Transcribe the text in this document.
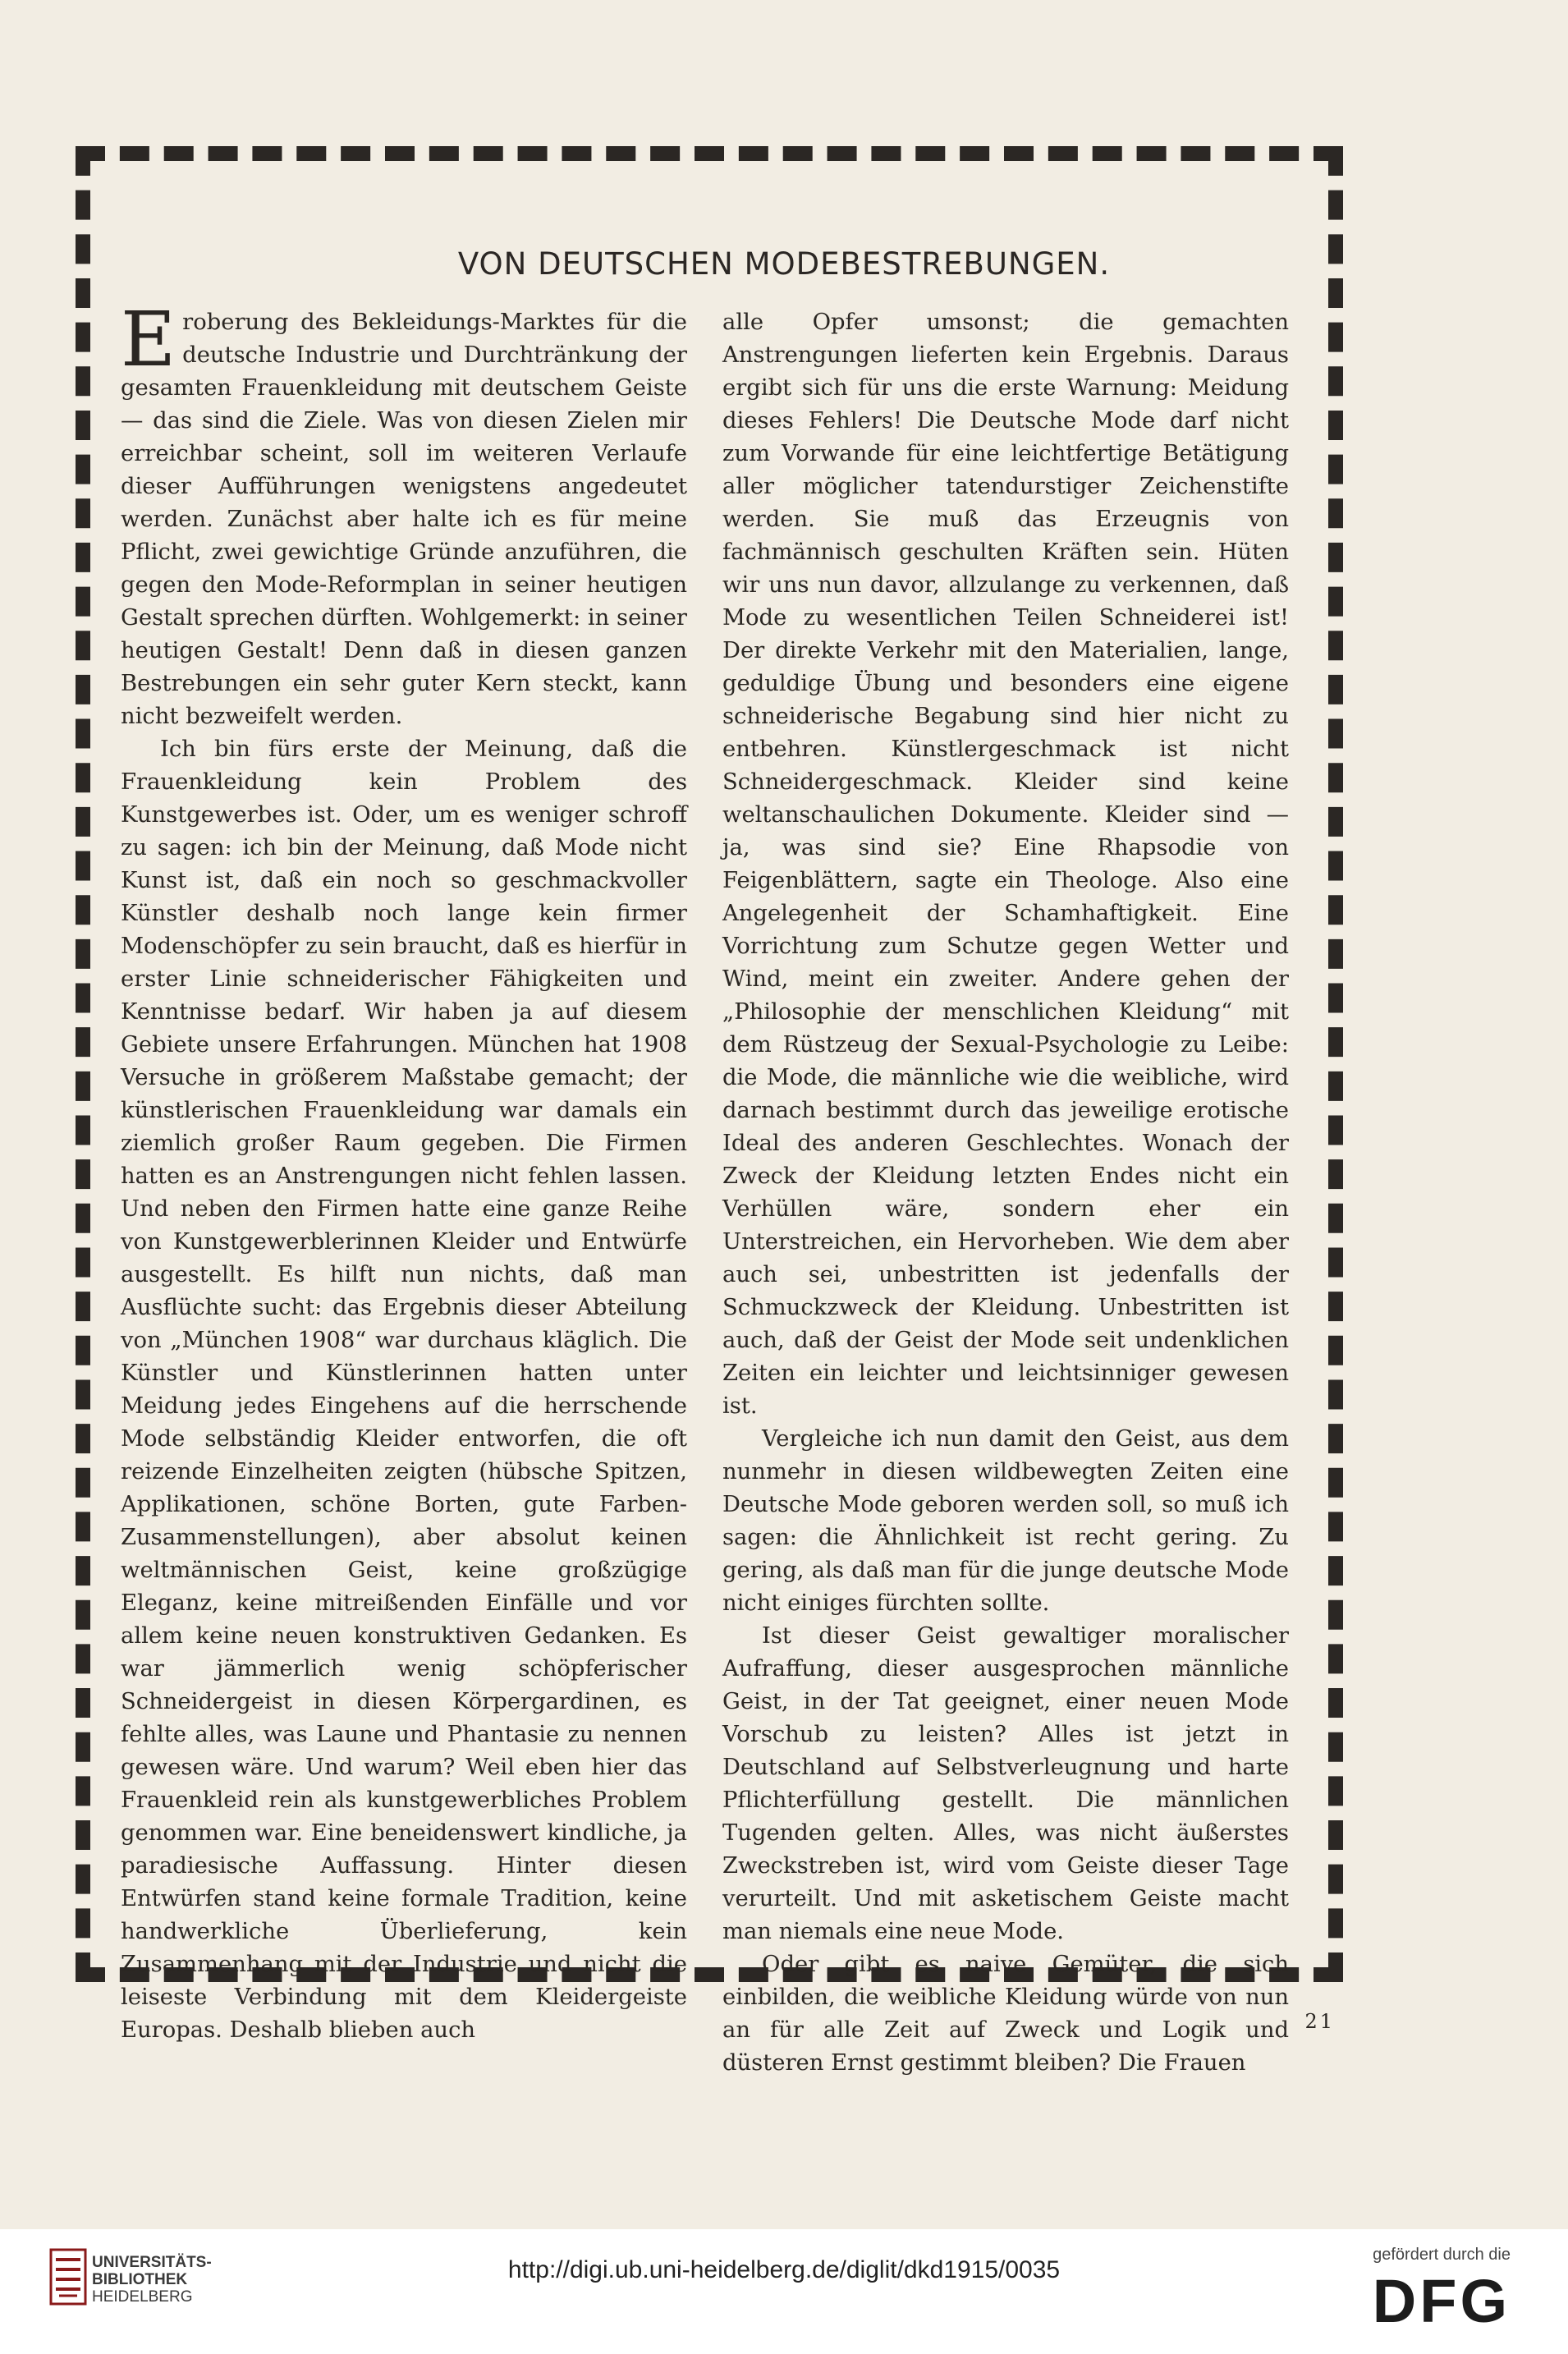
VON DEUTSCHEN MODEBESTREBUNGEN.

Eroberung des Bekleidungs-Marktes für die deutsche Industrie und Durchtränkung der gesamten Frauenkleidung mit deutschem Geiste — das sind die Ziele. Was von diesen Zielen mir erreichbar scheint, soll im weiteren Verlaufe dieser Aufführungen wenigstens angedeutet werden. Zunächst aber halte ich es für meine Pflicht, zwei gewichtige Gründe anzuführen, die gegen den Mode-Reformplan in seiner heutigen Gestalt sprechen dürften. Wohlgemerkt: in seiner heutigen Gestalt! Denn daß in diesen ganzen Bestrebungen ein sehr guter Kern steckt, kann nicht bezweifelt werden.

Ich bin fürs erste der Meinung, daß die Frauenkleidung kein Problem des Kunstgewerbes ist. Oder, um es weniger schroff zu sagen: ich bin der Meinung, daß Mode nicht Kunst ist, daß ein noch so geschmackvoller Künstler deshalb noch lange kein firmer Modenschöpfer zu sein braucht, daß es hierfür in erster Linie schneiderischer Fähigkeiten und Kenntnisse bedarf. Wir haben ja auf diesem Gebiete unsere Erfahrungen. München hat 1908 Versuche in größerem Maßstabe gemacht; der künstlerischen Frauenkleidung war damals ein ziemlich großer Raum gegeben. Die Firmen hatten es an Anstrengungen nicht fehlen lassen. Und neben den Firmen hatte eine ganze Reihe von Kunstgewerblerinnen Kleider und Entwürfe ausgestellt. Es hilft nun nichts, daß man Ausflüchte sucht: das Ergebnis dieser Abteilung von „München 1908“ war durchaus kläglich. Die Künstler und Künstlerinnen hatten unter Meidung jedes Eingehens auf die herrschende Mode selbständig Kleider entworfen, die oft reizende Einzelheiten zeigten (hübsche Spitzen, Applikationen, schöne Borten, gute Farben-Zusammenstellungen), aber absolut keinen weltmännischen Geist, keine großzügige Eleganz, keine mitreißenden Einfälle und vor allem keine neuen konstruktiven Gedanken. Es war jämmerlich wenig schöpferischer Schneidergeist in diesen Körpergardinen, es fehlte alles, was Laune und Phantasie zu nennen gewesen wäre. Und warum? Weil eben hier das Frauenkleid rein als kunstgewerbliches Problem genommen war. Eine beneidenswert kindliche, ja paradiesische Auffassung. Hinter diesen Entwürfen stand keine formale Tradition, keine handwerkliche Überlieferung, kein Zusammenhang mit der Industrie und nicht die leiseste Verbindung mit dem Kleidergeiste Europas. Deshalb blieben auch

alle Opfer umsonst; die gemachten Anstrengungen lieferten kein Ergebnis. Daraus ergibt sich für uns die erste Warnung: Meidung dieses Fehlers! Die Deutsche Mode darf nicht zum Vorwande für eine leichtfertige Betätigung aller möglicher tatendurstiger Zeichenstifte werden. Sie muß das Erzeugnis von fachmännisch geschulten Kräften sein. Hüten wir uns nun davor, allzulange zu verkennen, daß Mode zu wesentlichen Teilen Schneiderei ist! Der direkte Verkehr mit den Materialien, lange, geduldige Übung und besonders eine eigene schneiderische Begabung sind hier nicht zu entbehren. Künstlergeschmack ist nicht Schneidergeschmack. Kleider sind keine weltanschaulichen Dokumente. Kleider sind — ja, was sind sie? Eine Rhapsodie von Feigenblättern, sagte ein Theologe. Also eine Angelegenheit der Schamhaftigkeit. Eine Vorrichtung zum Schutze gegen Wetter und Wind, meint ein zweiter. Andere gehen der „Philosophie der menschlichen Kleidung“ mit dem Rüstzeug der Sexual-Psychologie zu Leibe: die Mode, die männliche wie die weibliche, wird darnach bestimmt durch das jeweilige erotische Ideal des anderen Geschlechtes. Wonach der Zweck der Kleidung letzten Endes nicht ein Verhüllen wäre, sondern eher ein Unterstreichen, ein Hervorheben. Wie dem aber auch sei, unbestritten ist jedenfalls der Schmuckzweck der Kleidung. Unbestritten ist auch, daß der Geist der Mode seit undenklichen Zeiten ein leichter und leichtsinniger gewesen ist.

Vergleiche ich nun damit den Geist, aus dem nunmehr in diesen wildbewegten Zeiten eine Deutsche Mode geboren werden soll, so muß ich sagen: die Ähnlichkeit ist recht gering. Zu gering, als daß man für die junge deutsche Mode nicht einiges fürchten sollte.

Ist dieser Geist gewaltiger moralischer Aufraffung, dieser ausgesprochen männliche Geist, in der Tat geeignet, einer neuen Mode Vorschub zu leisten? Alles ist jetzt in Deutschland auf Selbstverleugnung und harte Pflichterfüllung gestellt. Die männlichen Tugenden gelten. Alles, was nicht äußerstes Zweckstreben ist, wird vom Geiste dieser Tage verurteilt. Und mit asketischem Geiste macht man niemals eine neue Mode.

Oder gibt es naive Gemüter, die sich einbilden, die weibliche Kleidung würde von nun an für alle Zeit auf Zweck und Logik und düsteren Ernst gestimmt bleiben? Die Frauen

21
UNIVERSITÄTS-
BIBLIOTHEK
HEIDELBERG
http://digi.ub.uni-heidelberg.de/diglit/dkd1915/0035
gefördert durch die
DFG
